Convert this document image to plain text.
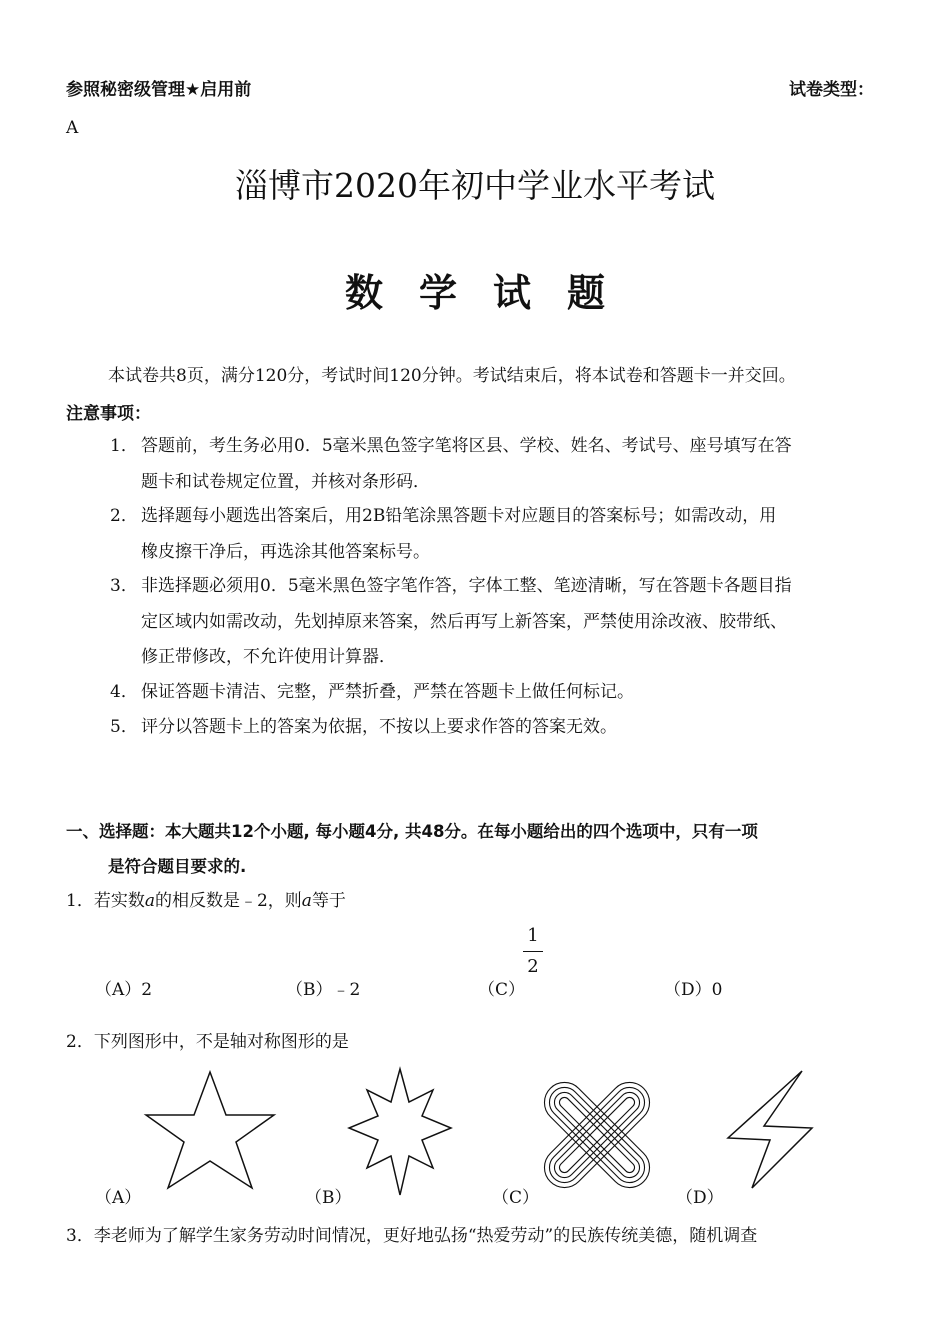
参照秘密级管理★启用前	试卷类型：
A
淄博市2020年初中学业水平考试
数学试题
本试卷共8页，满分120分，考试时间120分钟。考试结束后，将本试卷和答题卡一并交回。
注意事项：
1． 答题前，考生务必用0．5毫米黑色签字笔将区县、学校、姓名、考试号、座号填写在答
题卡和试卷规定位置，并核对条形码．
2． 选择题每小题选出答案后，用2B铅笔涂黑答题卡对应题目的答案标号；如需改动，用
橡皮擦干净后，再选涂其他答案标号。
3． 非选择题必须用0．5毫米黑色签字笔作答，字体工整、笔迹清晰，写在答题卡各题目指
定区域内如需改动，先划掉原来答案，然后再写上新答案，严禁使用涂改液、胶带纸、
修正带修改，不允许使用计算器．
4． 保证答题卡清洁、完整，严禁折叠，严禁在答题卡上做任何标记。
5． 评分以答题卡上的答案为依据，不按以上要求作答的答案无效。
一、选择题：本大题共12个小题, 每小题4分, 共48分。在每小题给出的四个选项中，只有一项
是符合题目要求的.
1．若实数a的相反数是﹣2，则a等于
（A）2	（B）﹣2	（C）
1
2
（D）0
2．下列图形中，不是轴对称图形的是
（A）	（B）	（C）	（D）
3．李老师为了解学生家务劳动时间情况，更好地弘扬“热爱劳动”的民族传统美德，随机调查
